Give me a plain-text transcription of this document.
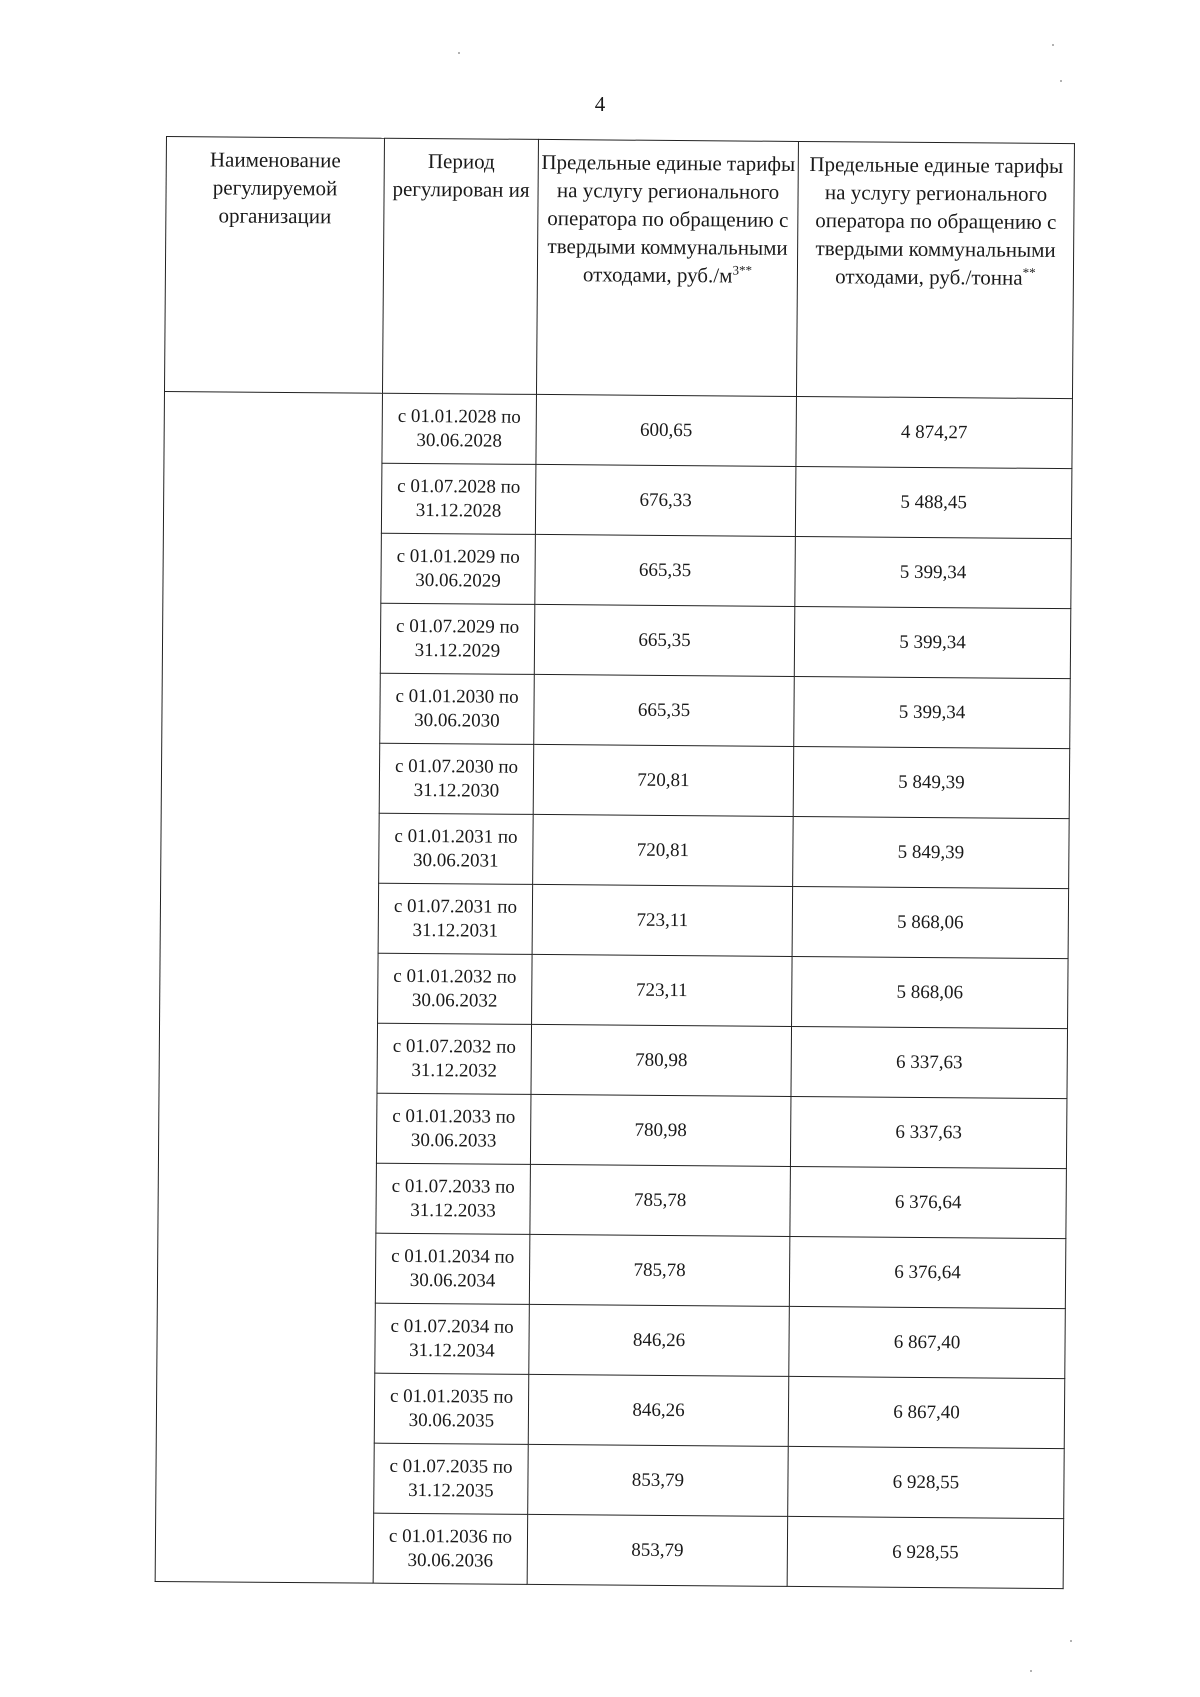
4
Наименование регулируемой организации	Период регулирован ия	Предельные единые тарифы на услугу регионального оператора по обращению с твердыми коммунальными отходами, $руб./м^{3**}$	Предельные единые тарифы на услугу регионального оператора по обращению с твердыми коммунальными отходами, руб./тонна**

	с 01.01.2028 по
30.06.2028	600,65	4 874,27

	с 01.07.2028 по
31.12.2028	676,33	5 488,45

	с 01.01.2029 по
30.06.2029	665,35	5 399,34

	с 01.07.2029 по
31.12.2029	665,35	5 399,34

	с 01.01.2030 по
30.06.2030	665,35	5 399,34

	с 01.07.2030 по
31.12.2030	720,81	5 849,39

	с 01.01.2031 по
30.06.2031	720,81	5 849,39

	с 01.07.2031 по
31.12.2031	723,11	5 868,06

	с 01.01.2032 по
30.06.2032	723,11	5 868,06

	с 01.07.2032 по
31.12.2032	780,98	6 337,63

	с 01.01.2033 по
30.06.2033	780,98	6 337,63

	с 01.07.2033 по
31.12.2033	785,78	6 376,64

	с 01.01.2034 по
30.06.2034	785,78	6 376,64

	с 01.07.2034 по
31.12.2034	846,26	6 867,40

	с 01.01.2035 по
30.06.2035	846,26	6 867,40

	с 01.07.2035 по
31.12.2035	853,79	6 928,55

	с 01.01.2036 по
30.06.2036	853,79	6 928,55
